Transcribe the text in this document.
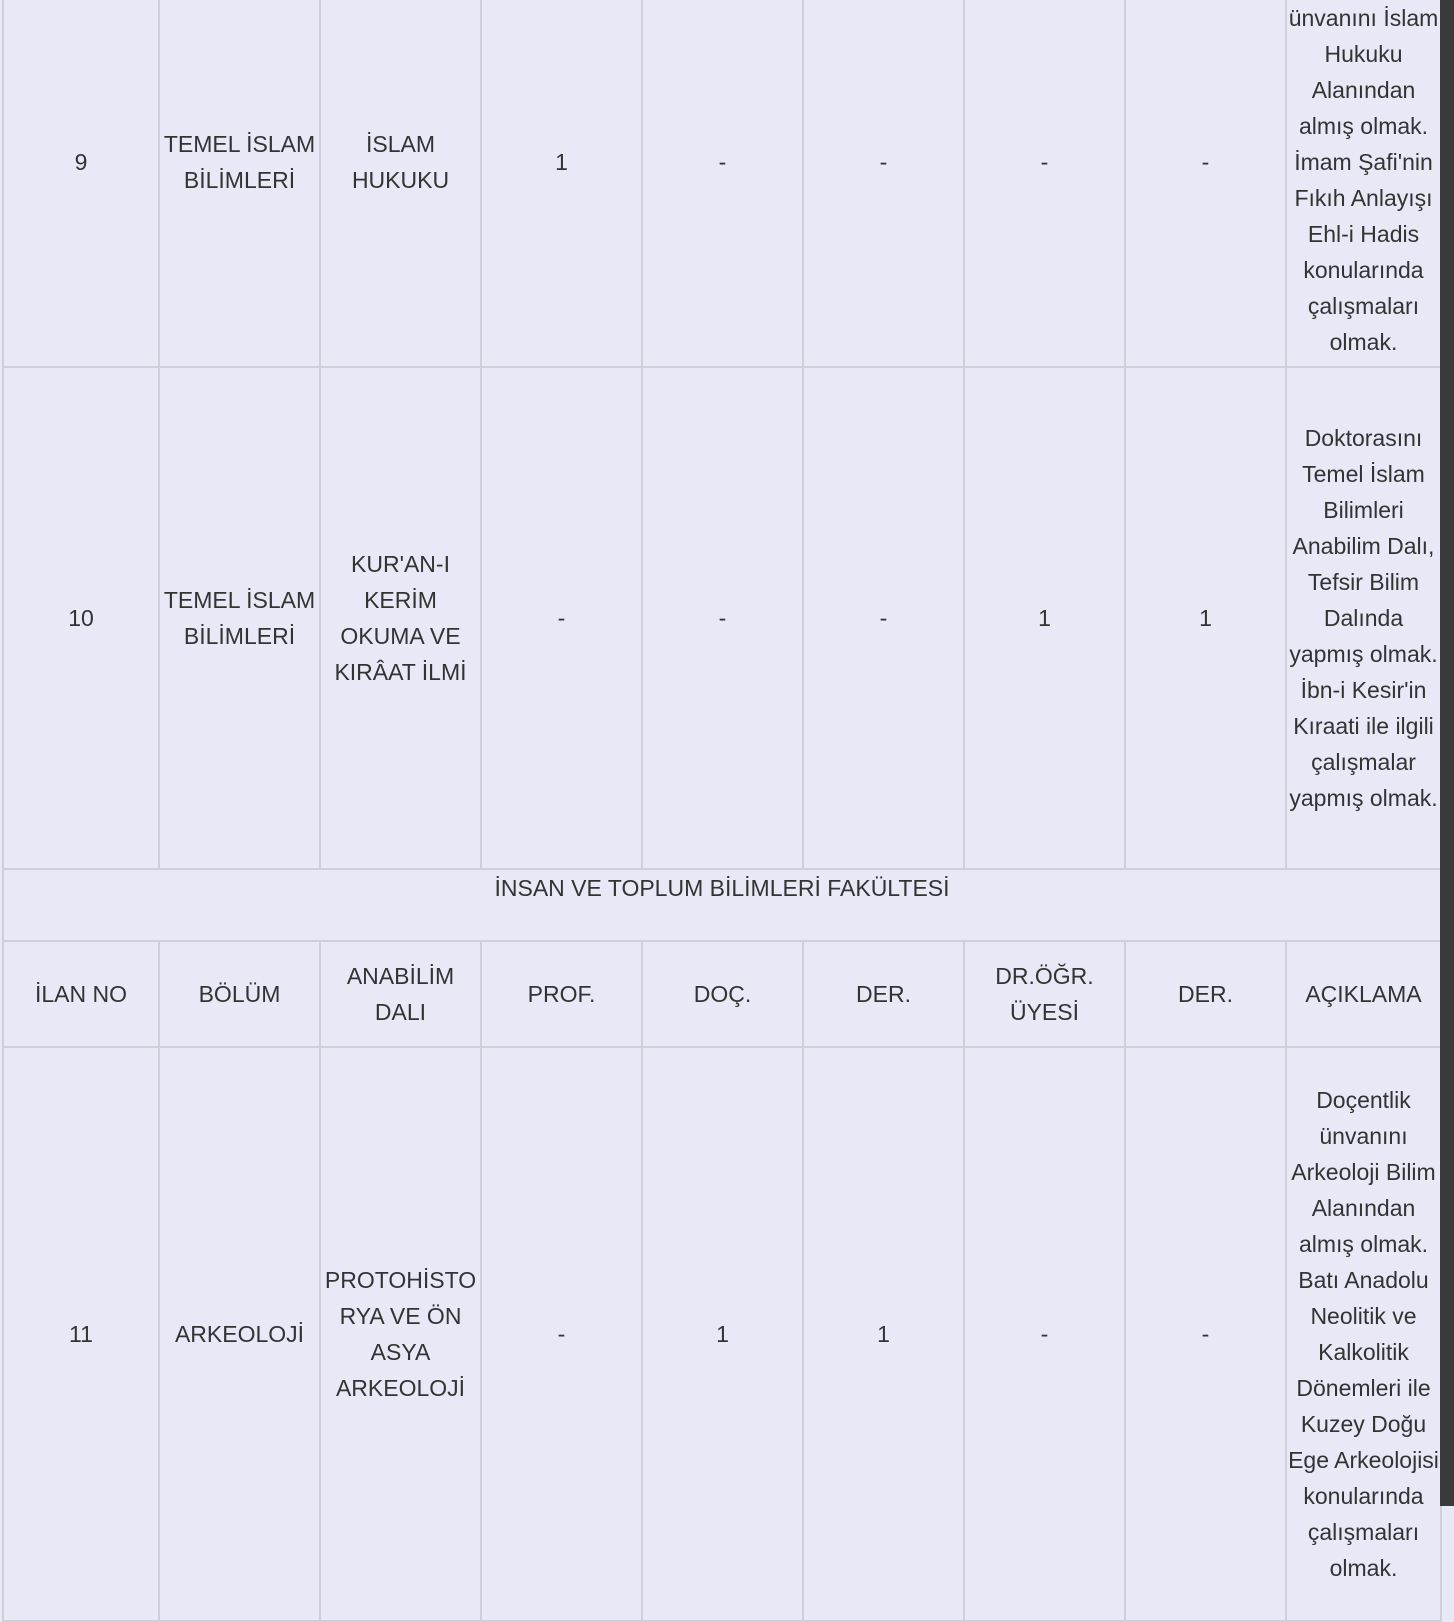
9	TEMEL İSLAM BİLİMLERİ	İSLAM HUKUKU	1	-	-	-	-	ünvanını İslam Hukuku Alanından almış olmak. İmam Şafi'nin Fıkıh Anlayışı Ehl-i Hadis konularında çalışmaları olmak.
10	TEMEL İSLAM BİLİMLERİ	KUR'AN-I KERİM OKUMA VE KIRÂAT İLMİ	-	-	-	1	1	Doktorasını Temel İslam Bilimleri Anabilim Dalı, Tefsir Bilim Dalında yapmış olmak. İbn-i Kesir'in Kıraati ile ilgili çalışmalar yapmış olmak.

İNSAN VE TOPLUM BİLİMLERİ FAKÜLTESİ								

İLAN NO	BÖLÜM	ANABİLİM DALI	PROF.	DOÇ.	DER.	DR.ÖĞR. ÜYESİ	DER.	AÇIKLAMA
11	ARKEOLOJİ	PROTOHİSTORYA VE ÖN ASYA ARKEOLOJİ	-	1	1	-	-	Doçentlik ünvanını Arkeoloji Bilim Alanından almış olmak. Batı Anadolu Neolitik ve Kalkolitik Dönemleri ile Kuzey Doğu Ege Arkeolojisi konularında çalışmaları olmak.
